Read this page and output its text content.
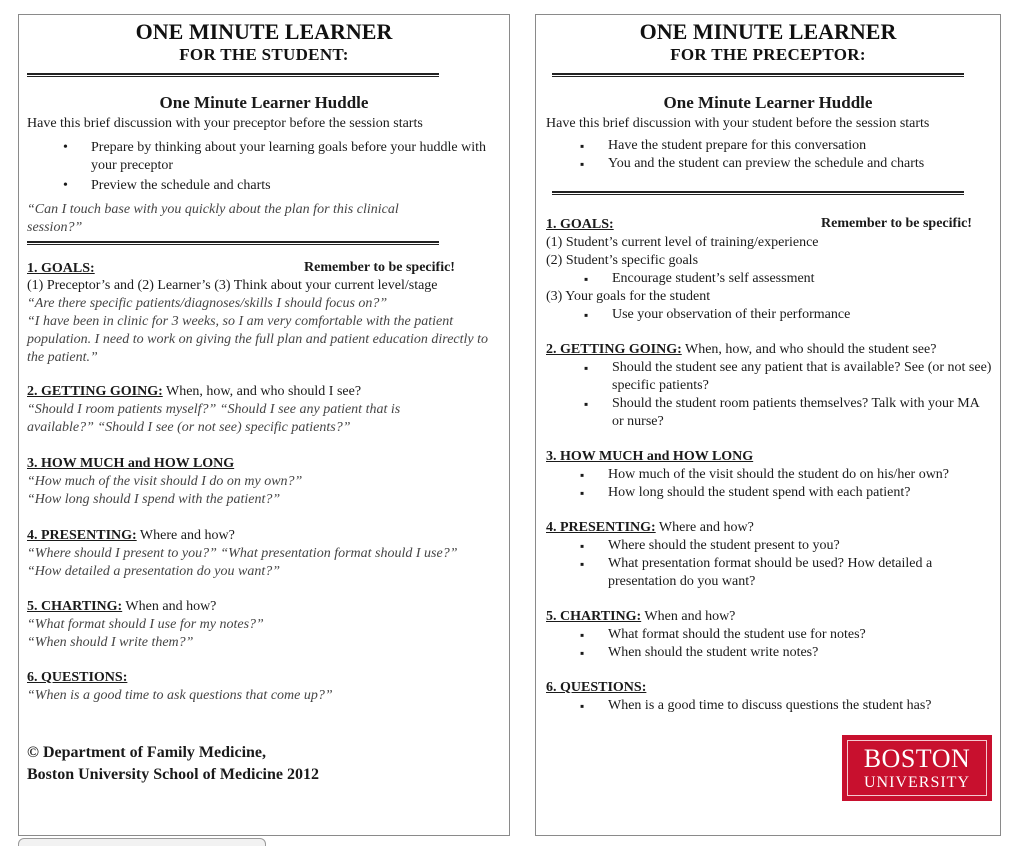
ONE MINUTE LEARNER
FOR THE STUDENT:
One Minute Learner Huddle
Have this brief discussion with your preceptor before the session starts
• Prepare by thinking about your learning goals before your huddle with your preceptor
• Preview the schedule and charts
“Can I touch base with you quickly about the plan for this clinical session?”
1. GOALS:	Remember to be specific!
(1) Preceptor’s and (2) Learner’s (3) Think about your current level/stage
“Are there specific patients/diagnoses/skills I should focus on?”
“I have been in clinic for 3 weeks, so I am very comfortable with the patient population. I need to work on giving the full plan and patient education directly to the patient.”
2. GETTING GOING: When, how, and who should I see?
“Should I room patients myself?” “Should I see any patient that is available?” “Should I see (or not see) specific patients?”
3. HOW MUCH and HOW LONG
“How much of the visit should I do on my own?”
“How long should I spend with the patient?”
4. PRESENTING: Where and how?
“Where should I present to you?” “What presentation format should I use?” “How detailed a presentation do you want?”
5. CHARTING: When and how?
“What format should I use for my notes?”
“When should I write them?”
6. QUESTIONS:
“When is a good time to ask questions that come up?”
© Department of Family Medicine,
Boston University School of Medicine 2012
ONE MINUTE LEARNER
FOR THE PRECEPTOR:
One Minute Learner Huddle
Have this brief discussion with your student before the session starts
▪ Have the student prepare for this conversation
▪ You and the student can preview the schedule and charts
1. GOALS:	Remember to be specific!
(1) Student’s current level of training/experience
(2) Student’s specific goals
▪ Encourage student’s self assessment
(3) Your goals for the student
▪ Use your observation of their performance
2. GETTING GOING: When, how, and who should the student see?
▪ Should the student see any patient that is available? See (or not see) specific patients?
▪ Should the student room patients themselves? Talk with your MA or nurse?
3. HOW MUCH and HOW LONG
▪ How much of the visit should the student do on his/her own?
▪ How long should the student spend with each patient?
4. PRESENTING: Where and how?
▪ Where should the student present to you?
▪ What presentation format should be used? How detailed a presentation do you want?
5. CHARTING: When and how?
▪ What format should the student use for notes?
▪ When should the student write notes?
6. QUESTIONS:
▪ When is a good time to discuss questions the student has?
BOSTON
UNIVERSITY
